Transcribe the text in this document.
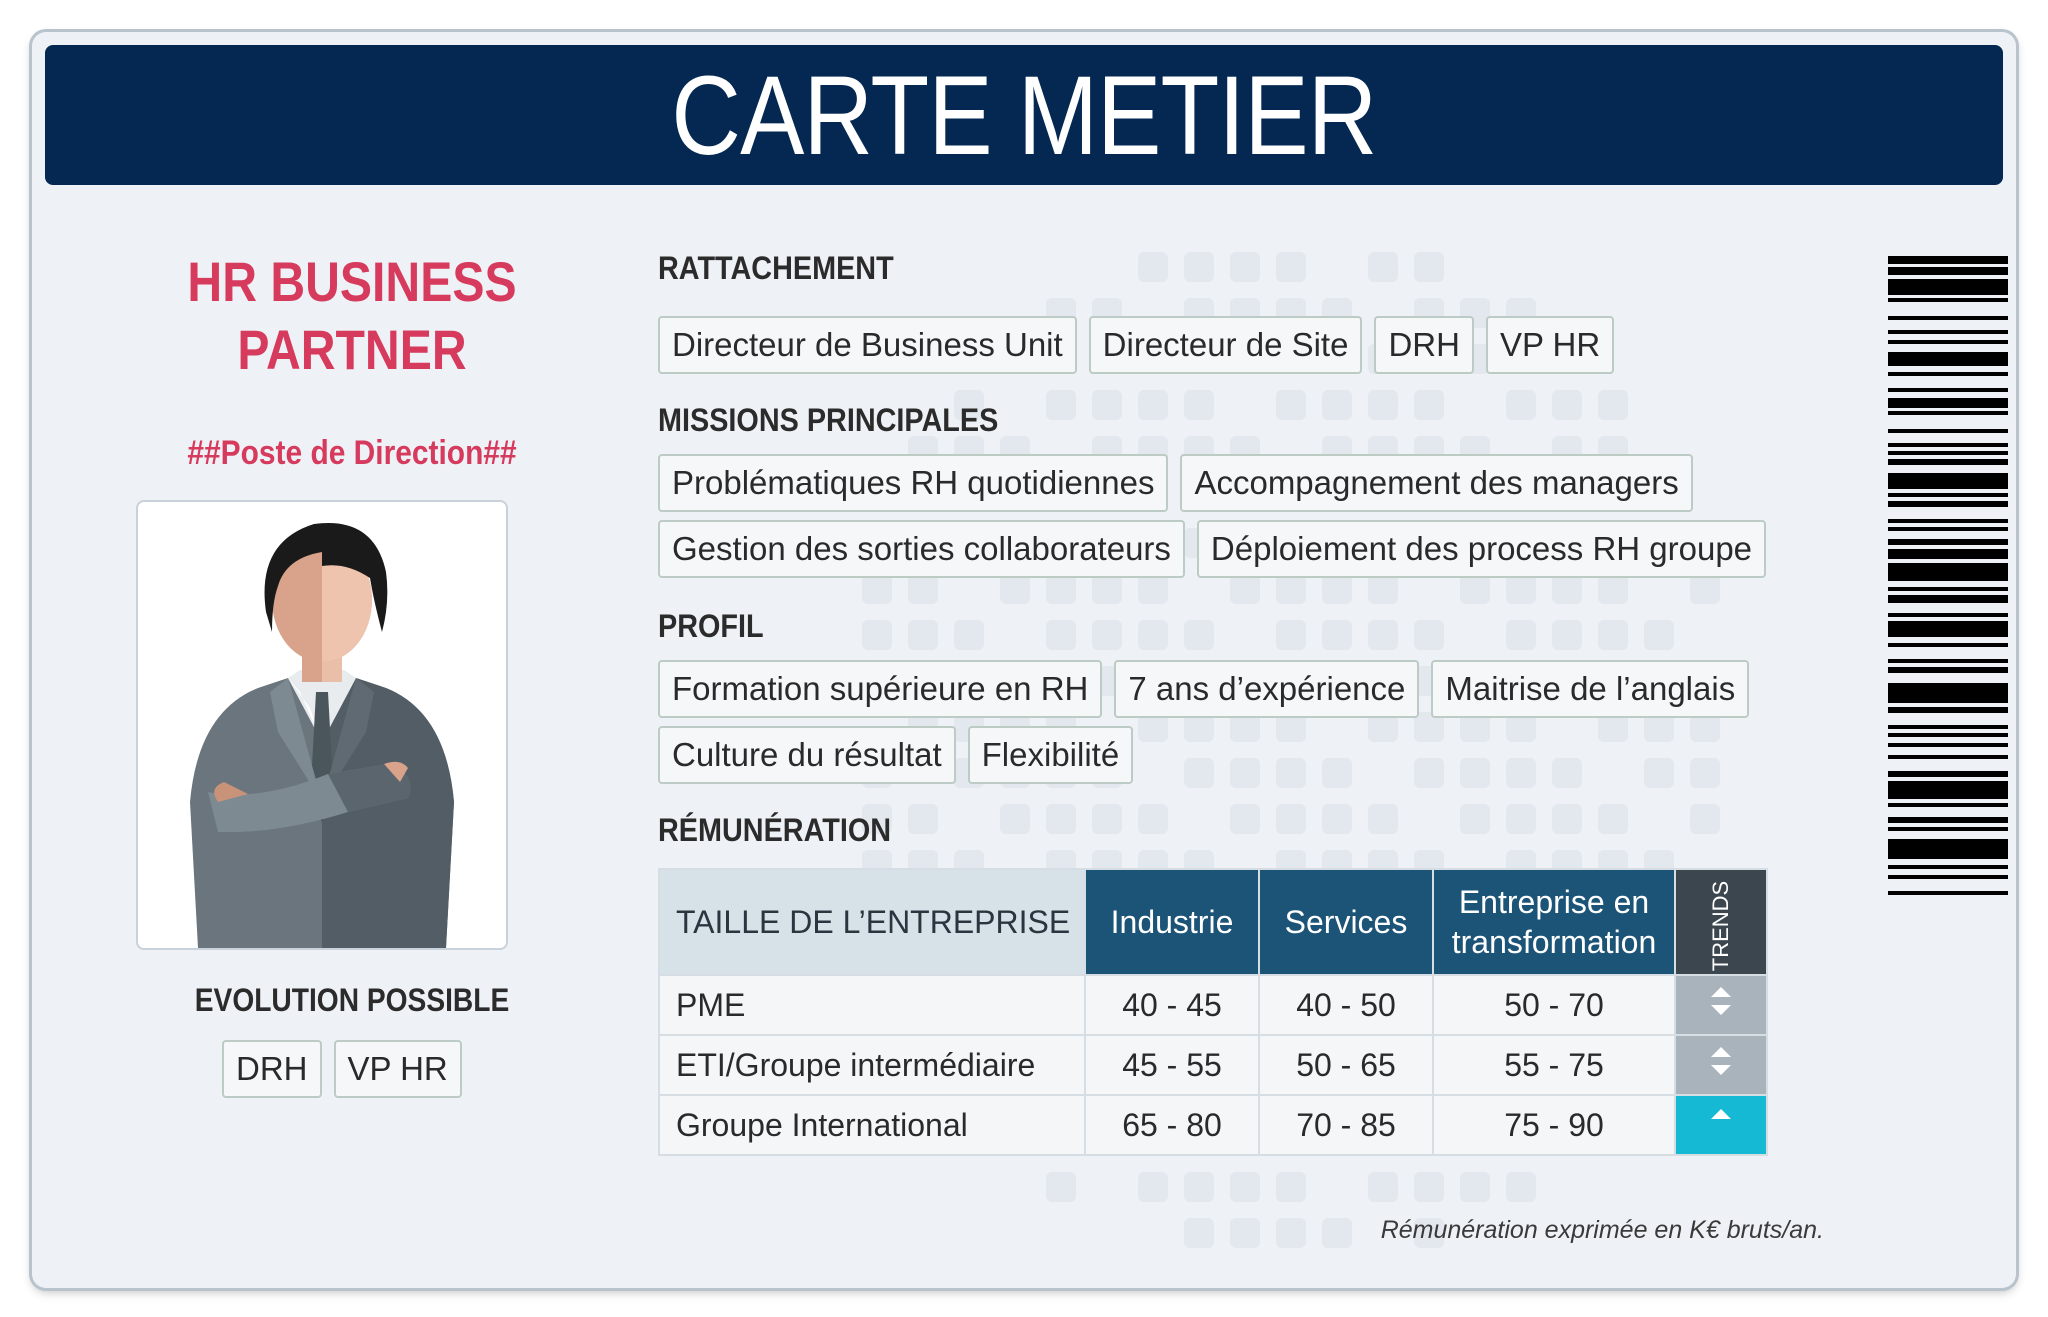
CARTE METIER
HR BUSINESS
PARTNER
##Poste de Direction##
EVOLUTION POSSIBLE
DRH	VP HR
RATTACHEMENT
Directeur de Business Unit	Directeur de Site	DRH	VP HR
MISSIONS PRINCIPALES
Problématiques RH quotidiennes	Accompagnement des managers
Gestion des sorties collaborateurs	Déploiement des process RH groupe
PROFIL
Formation supérieure en RH	7 ans d’expérience	Maitrise de l’anglais
Culture du résultat	Flexibilité
RÉMUNÉRATION
TAILLE DE L’ENTREPRISE	Industrie	Services	Entreprise en transformation	TRENDS
PME	40 - 45	40 - 50	50 - 70	
ETI/Groupe intermédiaire	45 - 55	50 - 65	55 - 75	
Groupe International	65 - 80	70 - 85	75 - 90	
Rémunération exprimée en K€ bruts/an.
